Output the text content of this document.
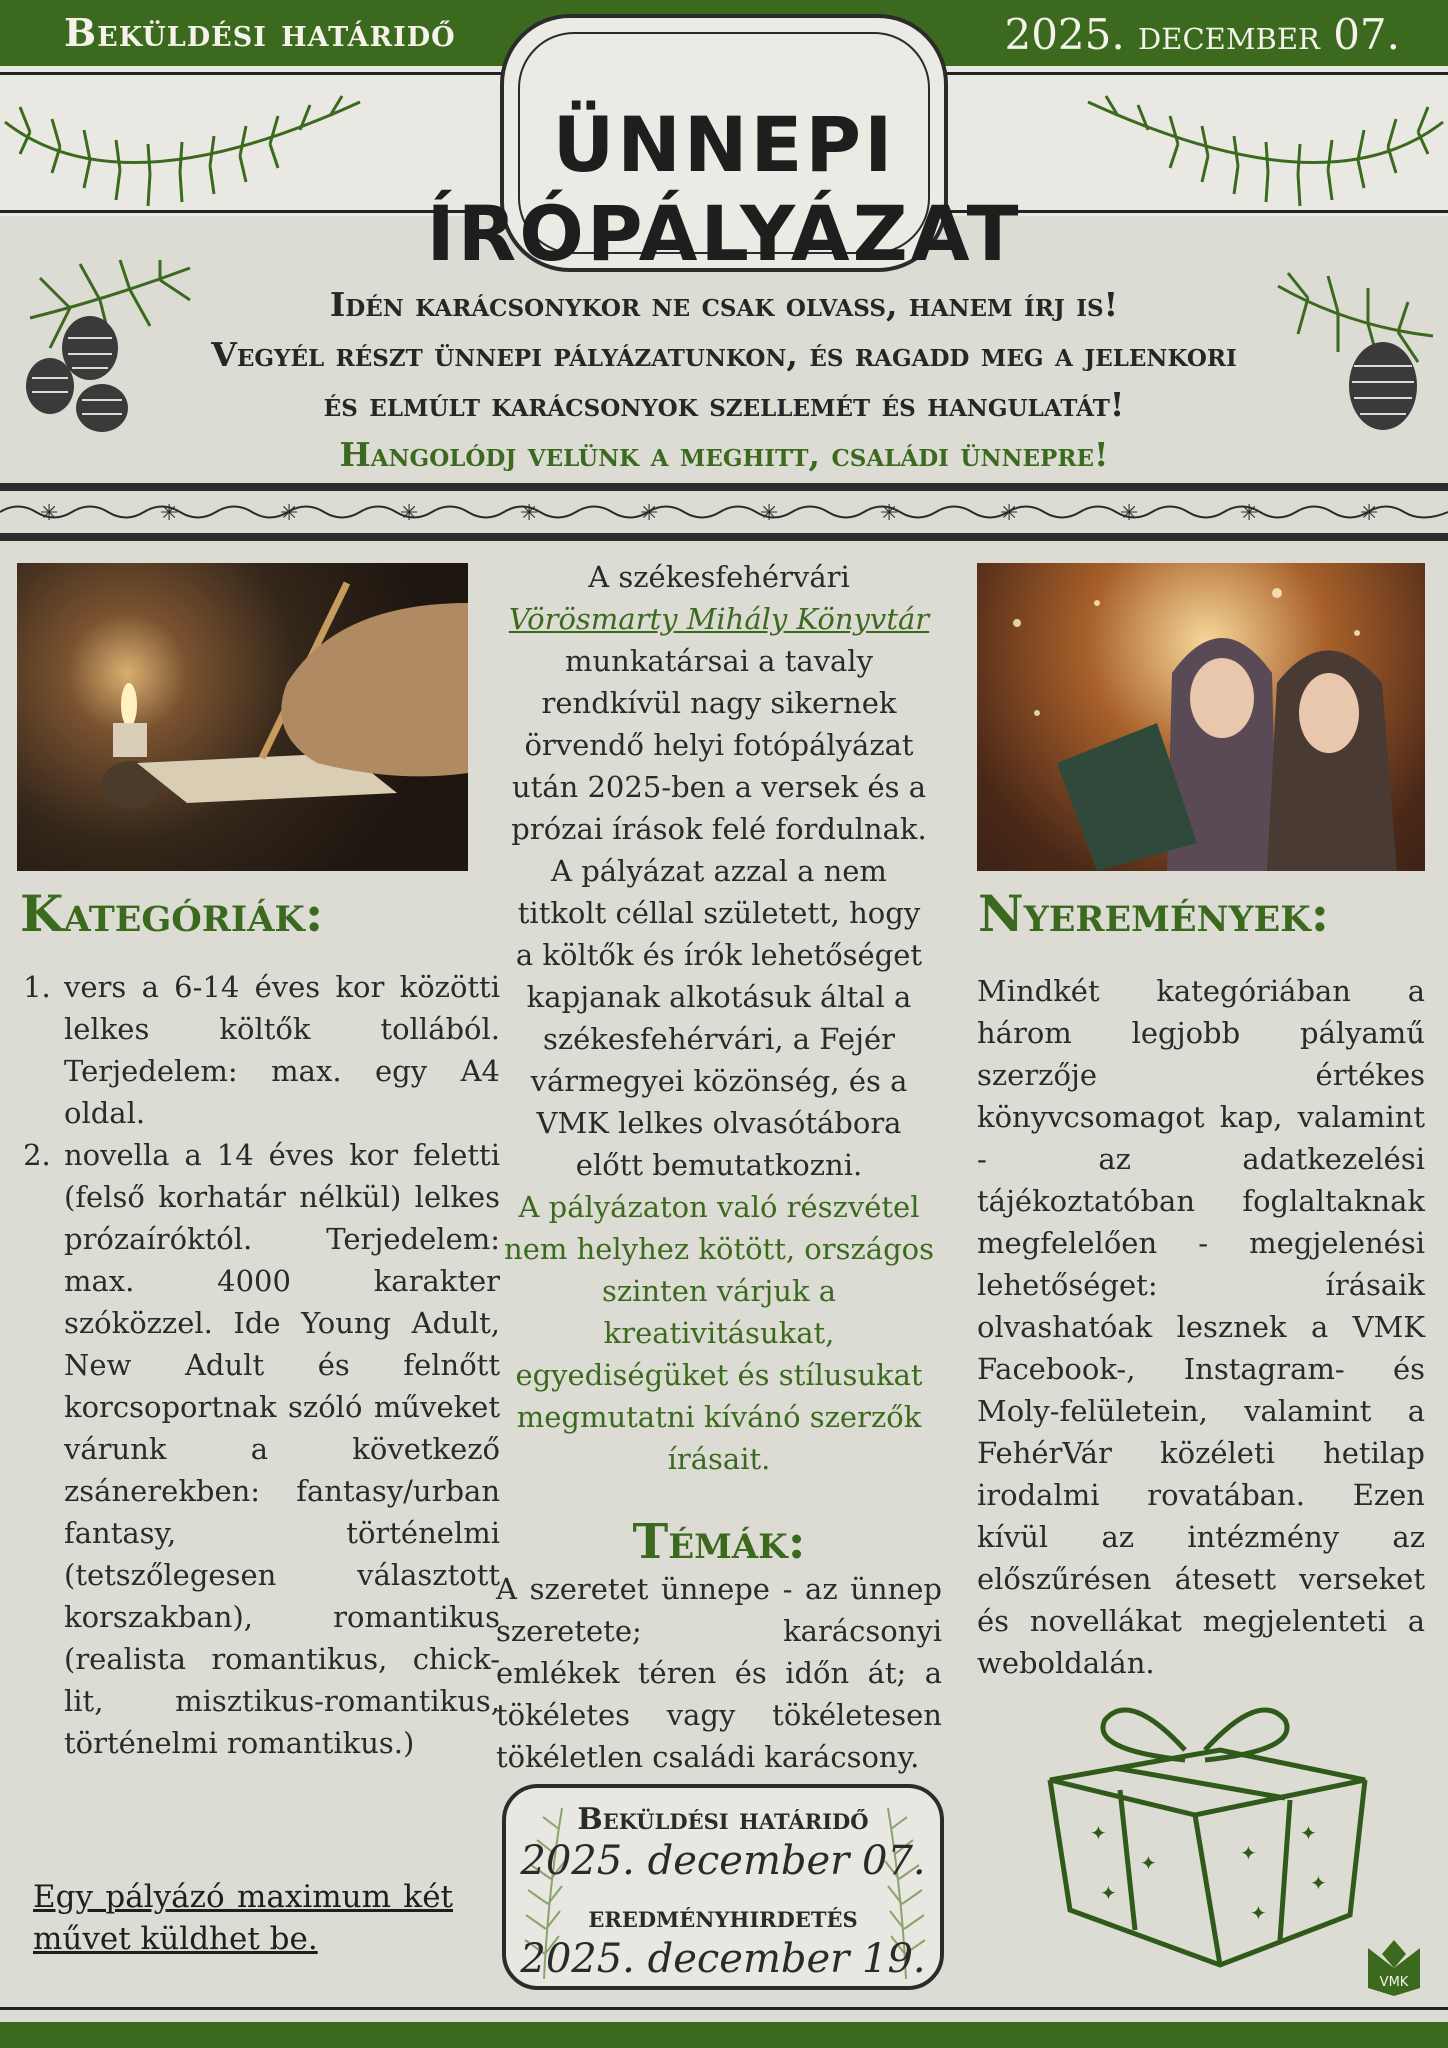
Beküldési határidő	2025. december 07.
ÜNNEPI ÍRÓPÁLYÁZAT
Idén karácsonykor ne csak olvass, hanem írj is!
Vegyél részt ünnepi pályázatunkon, és ragadd meg a jelenkori
és elmúlt karácsonyok szellemét és hangulatát!
Hangolódj velünk a meghitt, családi ünnepre!
✳	✳	✳	✳	✳	✳	✳	✳	✳	✳	✳	✳
Kategóriák:
1. vers a 6-14 éves kor közötti lelkes költők tollából. Terjedelem: max. egy A4 oldal.
2. novella a 14 éves kor feletti (felső korhatár nélkül) lelkes prózaíróktól. Terjedelem: max. 4000 karakter szóközzel. Ide Young Adult, New Adult és felnőtt korcsoportnak szóló műveket várunk a következő zsánerekben: fantasy/urban fantasy, történelmi (tetszőlegesen választott korszakban), romantikus (realista romantikus, chick-lit, misztikus-romantikus, történelmi romantikus.)
Egy pályázó maximum két művet küldhet be.
A székesfehérvári
Vörösmarty Mihály Könyvtár
munkatársai a tavaly rendkívül nagy sikernek örvendő helyi fotópályázat után 2025-ben a versek és a prózai írások felé fordulnak. A pályázat azzal a nem titkolt céllal született, hogy a költők és írók lehetőséget kapjanak alkotásuk által a székesfehérvári, a Fejér vármegyei közönség, és a VMK lelkes olvasótábora előtt bemutatkozni.
A pályázaton való részvétel nem helyhez kötött, országos szinten várjuk a kreativitásukat, egyediségüket és stílusukat megmutatni kívánó szerzők írásait.
Témák:
A szeretet ünnepe - az ünnep szeretete; karácsonyi emlékek téren és időn át; a tökéletes vagy tökéletesen tökéletlen családi karácsony.
Beküldési határidő
2025. december 07.
eredményhirdetés
2025. december 19.
Nyeremények:
Mindkét kategóriában a három legjobb pályamű szerzője értékes könyvcsomagot kap, valamint - az adatkezelési tájékoztatóban foglaltaknak megfelelően - megjelenési lehetőséget: írásaik olvashatóak lesznek a VMK Facebook-, Instagram- és Moly-felületein, valamint a FehérVár közéleti hetilap irodalmi rovatában. Ezen kívül az intézmény az előszűrésen átesett verseket és novellákat megjelenteti a weboldalán.
✦
✦
✦
✦
✦
✦
✦
VMK
